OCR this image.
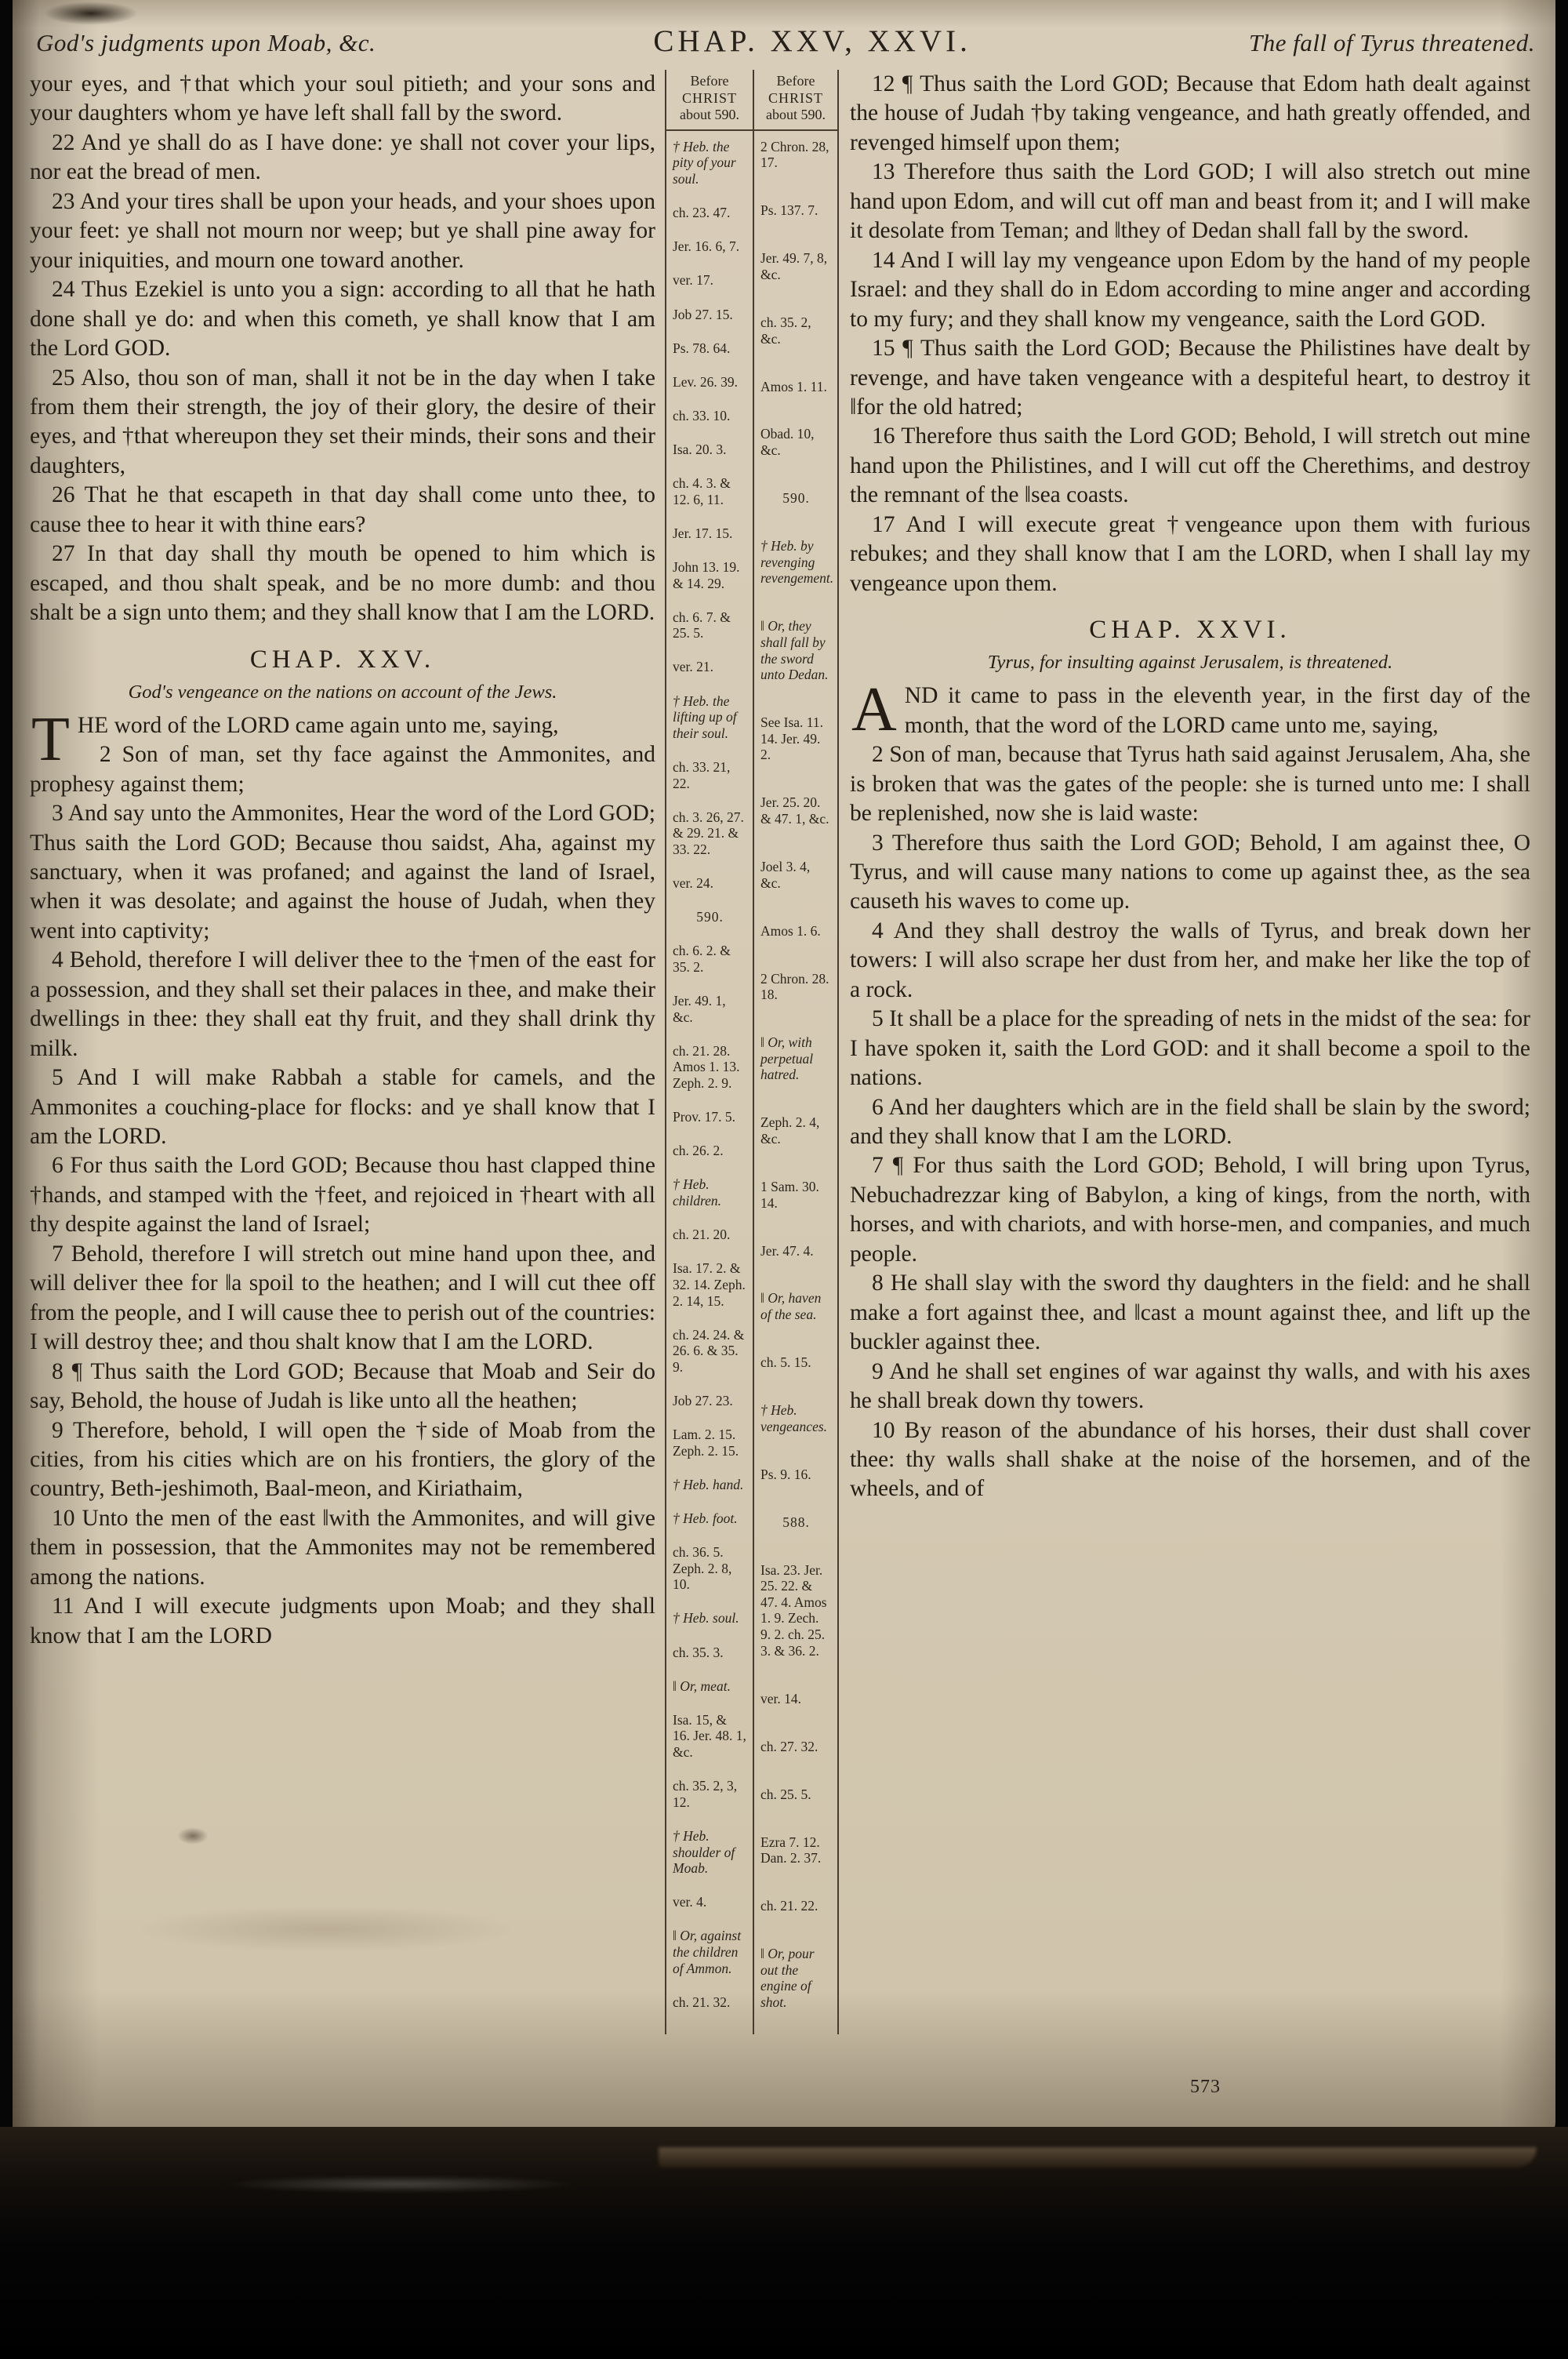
God's judgments upon Moab, &c.	CHAP. XXV, XXVI.	The fall of Tyrus threatened.

your eyes, and †that which your soul pitieth; and your sons and your daughters whom ye have left shall fall by the sword.

22 And ye shall do as I have done: ye shall not cover your lips, nor eat the bread of men.

23 And your tires shall be upon your heads, and your shoes upon your feet: ye shall not mourn nor weep; but ye shall pine away for your iniquities, and mourn one toward another.

24 Thus Ezekiel is unto you a sign: according to all that he hath done shall ye do: and when this cometh, ye shall know that I am the Lord GOD.

25 Also, thou son of man, shall it not be in the day when I take from them their strength, the joy of their glory, the desire of their eyes, and †that whereupon they set their minds, their sons and their daughters,

26 That he that escapeth in that day shall come unto thee, to cause thee to hear it with thine ears?

27 In that day shall thy mouth be opened to him which is escaped, and thou shalt speak, and be no more dumb: and thou shalt be a sign unto them; and they shall know that I am the LORD.

CHAP. XXV.

God's vengeance on the nations on account of the Jews.

THE word of the LORD came again unto me, saying,

2 Son of man, set thy face against the Ammonites, and prophesy against them;

3 And say unto the Ammonites, Hear the word of the Lord GOD; Thus saith the Lord GOD; Because thou saidst, Aha, against my sanctuary, when it was profaned; and against the land of Israel, when it was desolate; and against the house of Judah, when they went into captivity;

4 Behold, therefore I will deliver thee to the †men of the east for a possession, and they shall set their palaces in thee, and make their dwellings in thee: they shall eat thy fruit, and they shall drink thy milk.

5 And I will make Rabbah a stable for camels, and the Ammonites a couching-place for flocks: and ye shall know that I am the LORD.

6 For thus saith the Lord GOD; Because thou hast clapped thine †hands, and stamped with the †feet, and rejoiced in †heart with all thy despite against the land of Israel;

7 Behold, therefore I will stretch out mine hand upon thee, and will deliver thee for ‖a spoil to the heathen; and I will cut thee off from the people, and I will cause thee to perish out of the countries: I will destroy thee; and thou shalt know that I am the LORD.

8 ¶ Thus saith the Lord GOD; Because that Moab and Seir do say, Behold, the house of Judah is like unto all the heathen;

9 Therefore, behold, I will open the †side of Moab from the cities, from his cities which are on his frontiers, the glory of the country, Beth-jeshimoth, Baal-meon, and Kiriathaim,

10 Unto the men of the east ‖with the Ammonites, and will give them in possession, that the Ammonites may not be remembered among the nations.

11 And I will execute judgments upon Moab; and they shall know that I am the LORD

Before
CHRIST
about 590.
† Heb. the pity of your soul.
ch. 23. 47.
Jer. 16. 6, 7.
ver. 17.
Job 27. 15.
Ps. 78. 64.
Lev. 26. 39.
ch. 33. 10.
Isa. 20. 3.
ch. 4. 3. & 12. 6, 11.
Jer. 17. 15.
John 13. 19. & 14. 29.
ch. 6. 7. & 25. 5.
ver. 21.
† Heb. the lifting up of their soul.
ch. 33. 21, 22.
ch. 3. 26, 27. & 29. 21. & 33. 22.
ver. 24.
590.
ch. 6. 2. & 35. 2.
Jer. 49. 1, &c.
ch. 21. 28. Amos 1. 13. Zeph. 2. 9.
Prov. 17. 5.
ch. 26. 2.
† Heb. children.
ch. 21. 20.
Isa. 17. 2. & 32. 14. Zeph. 2. 14, 15.
ch. 24. 24. & 26. 6. & 35. 9.
Job 27. 23.
Lam. 2. 15. Zeph. 2. 15.
† Heb. hand.
† Heb. foot.
ch. 36. 5. Zeph. 2. 8, 10.
† Heb. soul.
ch. 35. 3.
‖ Or, meat.
Isa. 15, & 16. Jer. 48. 1, &c.
ch. 35. 2, 3, 12.
† Heb. shoulder of Moab.
ver. 4.
‖ Or, against the children of Ammon.
ch. 21. 32.
Before
CHRIST
about 590.
2 Chron. 28, 17.
Ps. 137. 7.
Jer. 49. 7, 8, &c.
ch. 35. 2, &c.
Amos 1. 11.
Obad. 10, &c.
590.
† Heb. by revenging revengement.
‖ Or, they shall fall by the sword unto Dedan.
See Isa. 11. 14. Jer. 49. 2.
Jer. 25. 20. & 47. 1, &c.
Joel 3. 4, &c.
Amos 1. 6.
2 Chron. 28. 18.
‖ Or, with perpetual hatred.
Zeph. 2. 4, &c.
1 Sam. 30. 14.
Jer. 47. 4.
‖ Or, haven of the sea.
ch. 5. 15.
† Heb. vengeances.
Ps. 9. 16.
588.
Isa. 23. Jer. 25. 22. & 47. 4. Amos 1. 9. Zech. 9. 2. ch. 25. 3. & 36. 2.
ver. 14.
ch. 27. 32.
ch. 25. 5.
Ezra 7. 12. Dan. 2. 37.
ch. 21. 22.
‖ Or, pour out the engine of shot.

12 ¶ Thus saith the Lord GOD; Because that Edom hath dealt against the house of Judah †by taking vengeance, and hath greatly offended, and revenged himself upon them;

13 Therefore thus saith the Lord GOD; I will also stretch out mine hand upon Edom, and will cut off man and beast from it; and I will make it desolate from Teman; and ‖they of Dedan shall fall by the sword.

14 And I will lay my vengeance upon Edom by the hand of my people Israel: and they shall do in Edom according to mine anger and according to my fury; and they shall know my vengeance, saith the Lord GOD.

15 ¶ Thus saith the Lord GOD; Because the Philistines have dealt by revenge, and have taken vengeance with a despiteful heart, to destroy it ‖for the old hatred;

16 Therefore thus saith the Lord GOD; Behold, I will stretch out mine hand upon the Philistines, and I will cut off the Cherethims, and destroy the remnant of the ‖sea coasts.

17 And I will execute great †vengeance upon them with furious rebukes; and they shall know that I am the LORD, when I shall lay my vengeance upon them.

CHAP. XXVI.

Tyrus, for insulting against Jerusalem, is threatened.

AND it came to pass in the eleventh year, in the first day of the month, that the word of the LORD came unto me, saying,

2 Son of man, because that Tyrus hath said against Jerusalem, Aha, she is broken that was the gates of the people: she is turned unto me: I shall be replenished, now she is laid waste:

3 Therefore thus saith the Lord GOD; Behold, I am against thee, O Tyrus, and will cause many nations to come up against thee, as the sea causeth his waves to come up.

4 And they shall destroy the walls of Tyrus, and break down her towers: I will also scrape her dust from her, and make her like the top of a rock.

5 It shall be a place for the spreading of nets in the midst of the sea: for I have spoken it, saith the Lord GOD: and it shall become a spoil to the nations.

6 And her daughters which are in the field shall be slain by the sword; and they shall know that I am the LORD.

7 ¶ For thus saith the Lord GOD; Behold, I will bring upon Tyrus, Nebuchadrezzar king of Babylon, a king of kings, from the north, with horses, and with chariots, and with horse-men, and companies, and much people.

8 He shall slay with the sword thy daughters in the field: and he shall make a fort against thee, and ‖cast a mount against thee, and lift up the buckler against thee.

9 And he shall set engines of war against thy walls, and with his axes he shall break down thy towers.

10 By reason of the abundance of his horses, their dust shall cover thee: thy walls shall shake at the noise of the horsemen, and of the wheels, and of

573
